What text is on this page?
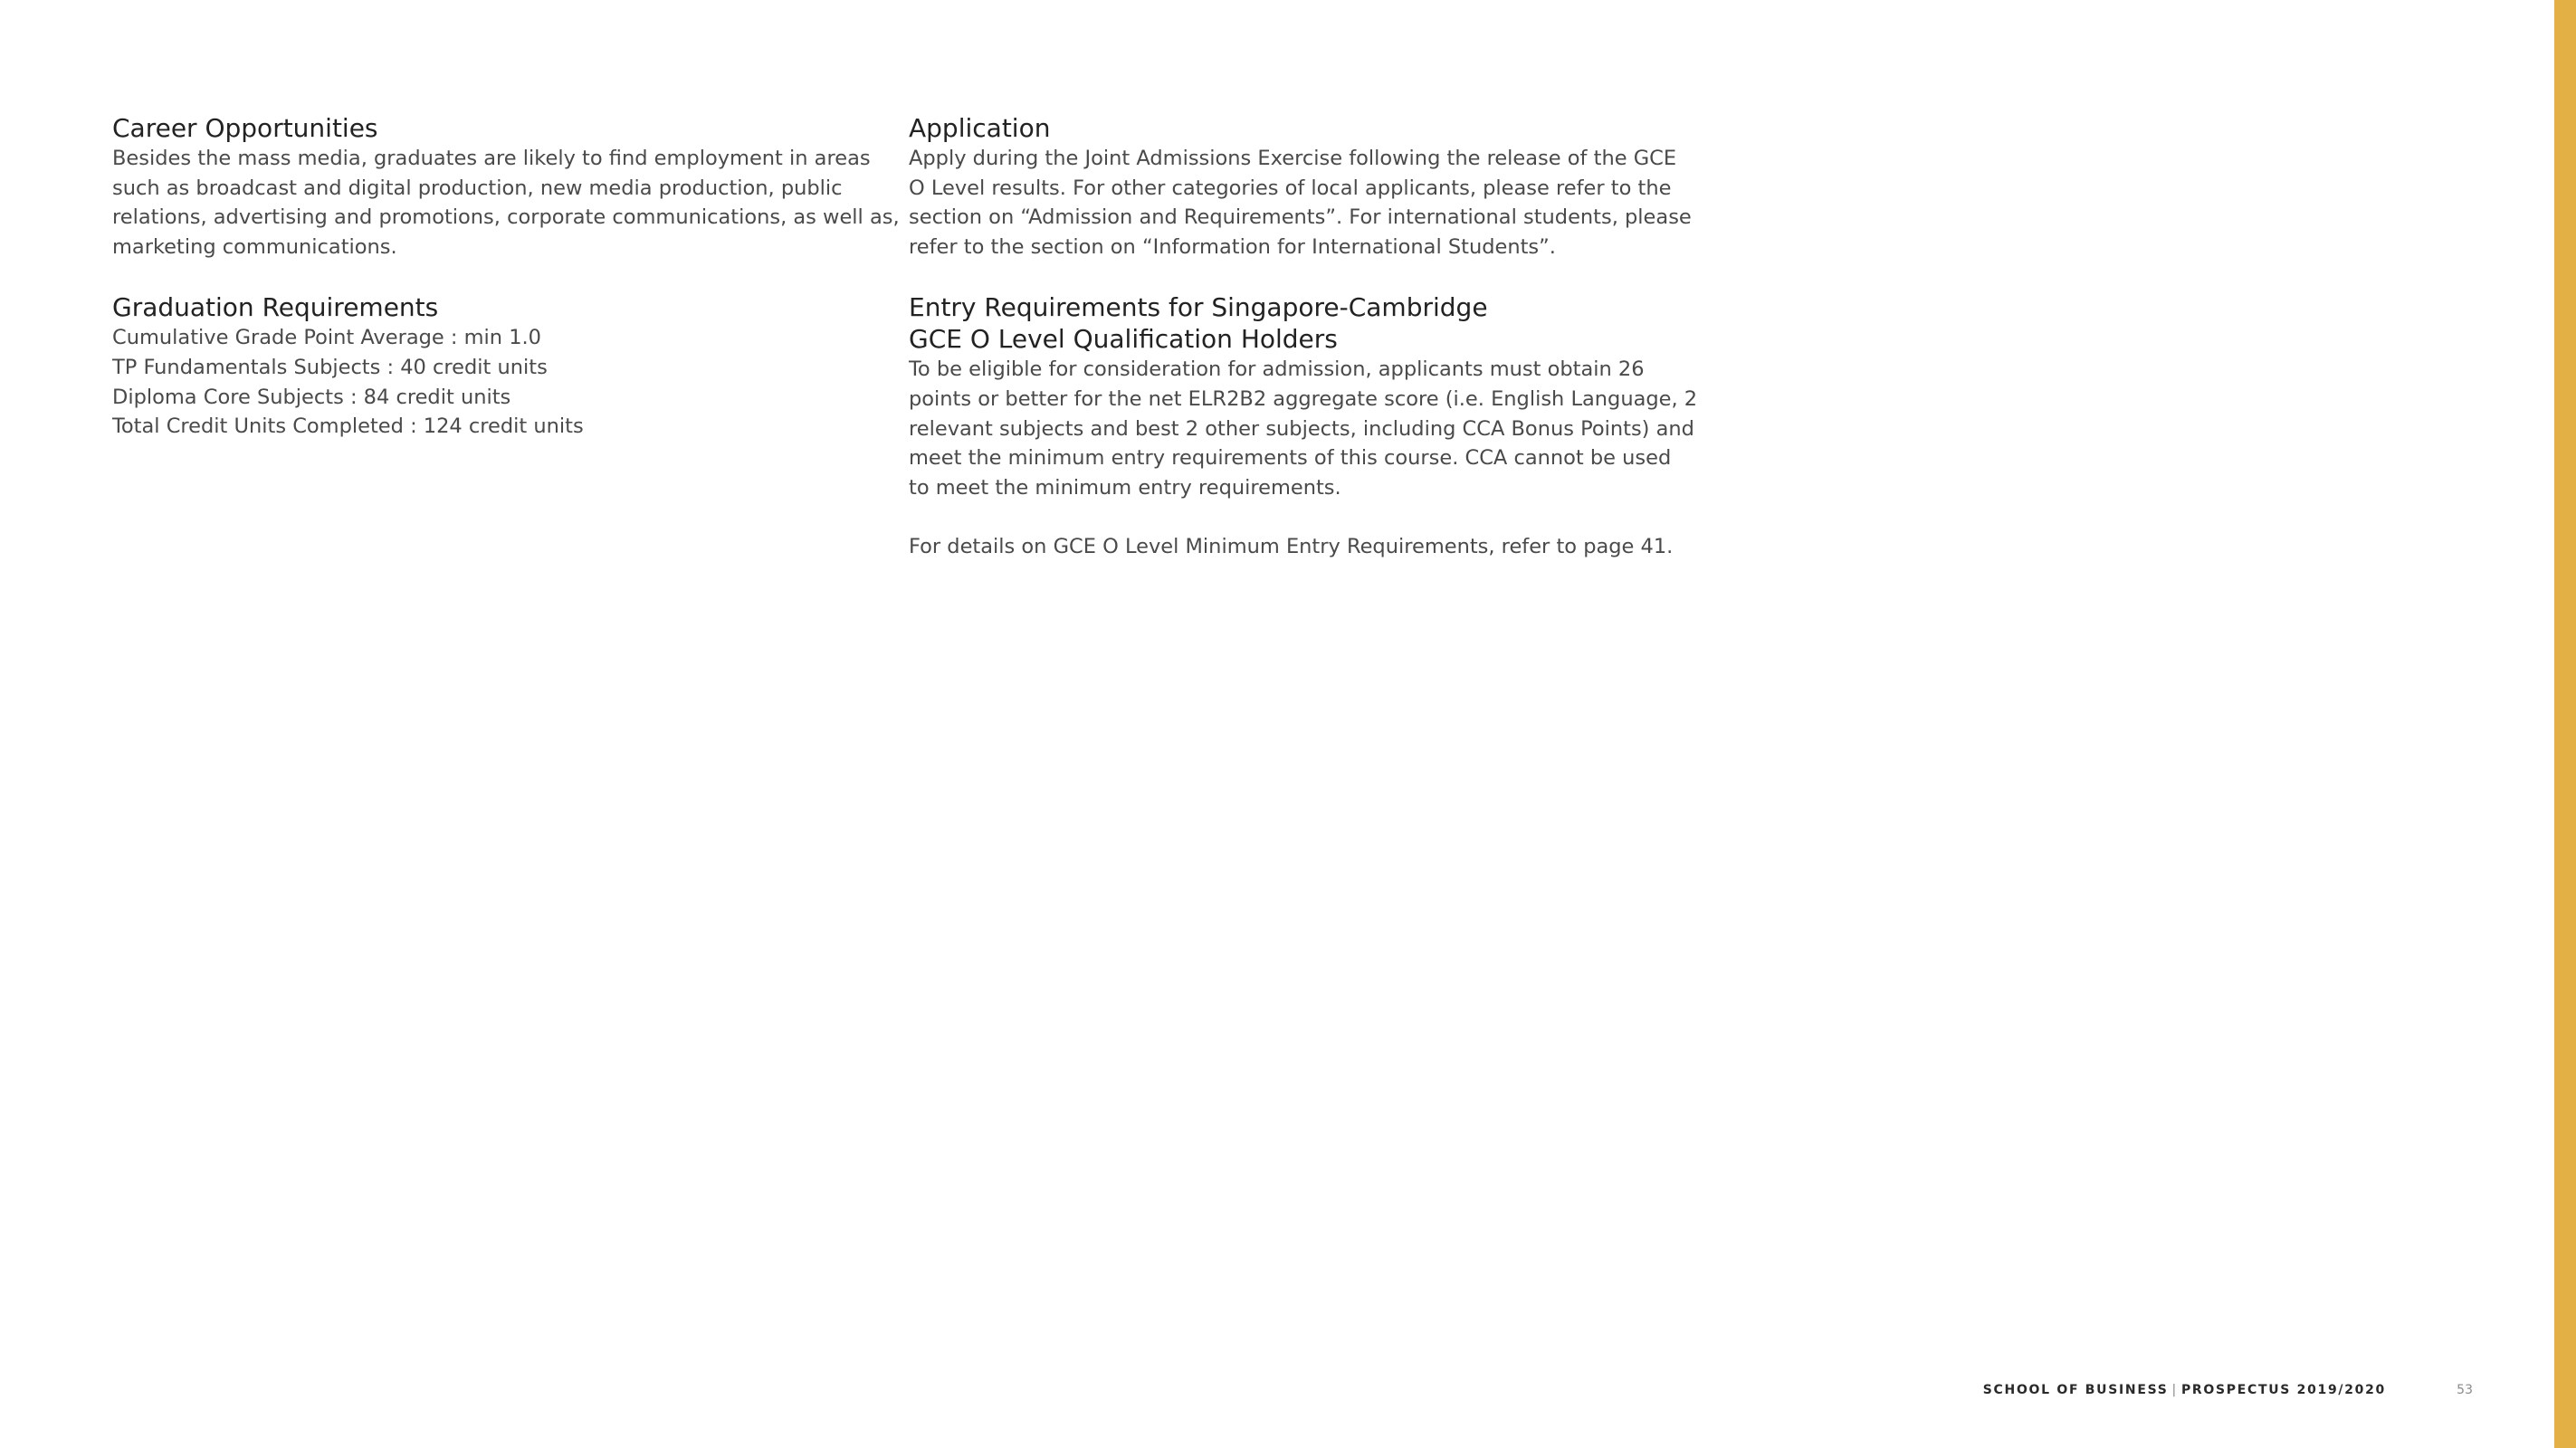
Career Opportunities

Besides the mass media, graduates are likely to find employment in areas
such as broadcast and digital production, new media production, public
relations, advertising and promotions, corporate communications, as well as,
marketing communications.

Graduation Requirements

Cumulative Grade Point Average : min 1.0
TP Fundamentals Subjects : 40 credit units
Diploma Core Subjects : 84 credit units
Total Credit Units Completed : 124 credit units

Application

Apply during the Joint Admissions Exercise following the release of the GCE
O Level results. For other categories of local applicants, please refer to the
section on “Admission and Requirements”. For international students, please
refer to the section on “Information for International Students”.

Entry Requirements for Singapore-Cambridge
GCE O Level Qualification Holders

To be eligible for consideration for admission, applicants must obtain 26
points or better for the net ELR2B2 aggregate score (i.e. English Language, 2
relevant subjects and best 2 other subjects, including CCA Bonus Points) and
meet the minimum entry requirements of this course. CCA cannot be used
to meet the minimum entry requirements.
For details on GCE O Level Minimum Entry Requirements, refer to page 41.

SCHOOL OF BUSINESS | PROSPECTUS 2019/2020	53
